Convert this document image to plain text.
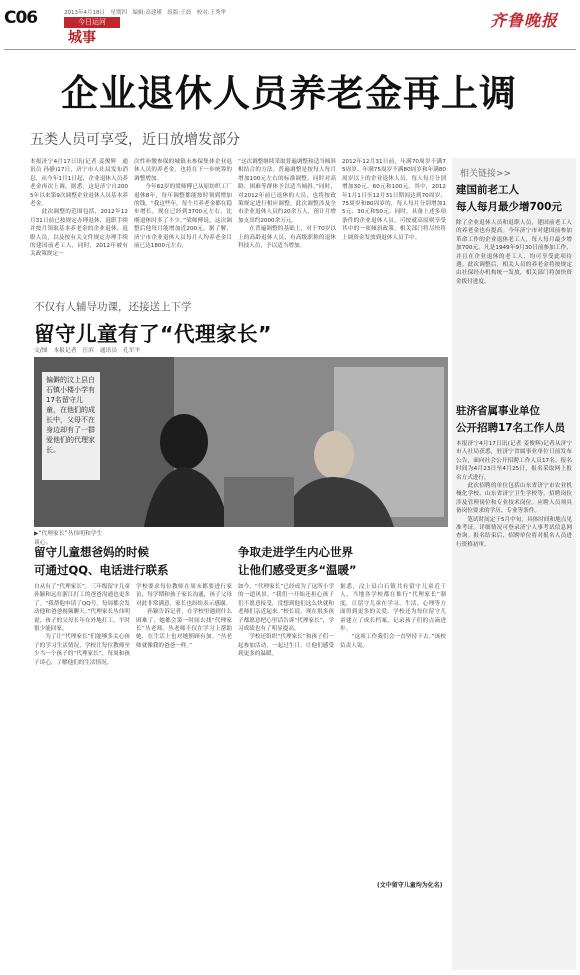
C06	2013年4月18日　星期四　编辑:高建瑾　组版:王晨　校对:王秀华
今日运河
城事
齐鲁晚报
企业退休人员养老金再上调
五类人员可享受，近日放增发部分
本报济宁4月17日讯(记者 姜俊辉　通讯员 孙静)17日，济宁市人社局发布消息，从今年1月1日起，企业退休人员养老金再次上调。据悉，这是济宁自2005年以来第9次调整企业退休人员基本养老金。
　　此次调整的范围包括，2012年12月31日前已按规定办理退休、退职手续并按月领取基本养老金的企业退休、退职人员，以及按有关文件规定办理手续的建国前老工人，同时，2012年被有关政策规定一
次性补缴参保的城镇未参保集体企业退休人员的养老金，也将在下一步统筹的调整增加。
　　今年62岁的梁师傅已从原纺织工厂退休8年，每年调整都能按时领到增加的钱。“我这些年，每个月养老金都在稳步增长，现在已经到3700元左右，比刚退休时多了不少。”梁师傅说，这次调整后他每月能增加近200元。据了解，济宁市企业退休人员每月人均养老金目前已达1800元左右，
“这次调整继续采取普遍调整和适当倾斜相结合的方法。普遍调整是按每人每月增加100元左右的标准调整，同时对高龄、困难等群体予以适当倾斜。”同时，对2012年前已退休的人员，也将按政策规定进行相应调整。此次调整涉及全市企业退休人员约20余万人，预计月增加支出约2000余万元。
　　在普遍调整的基础上，对于70岁以上的高龄退休人员、有高级职称的退休科技人员，予以适当增加。
2012年12月31日前，年满70周岁不满75周岁、年满75周岁不满80周岁和年满80周岁以上的企业退休人员，每人每月分别增加30元、60元和100元。其中，2012年1月1日至12月31日期间达到70周岁、75周岁和80周岁的，每人每月分别增加15元、30元和50元。同时，具备上述多项条件的企业退休人员，可按就高原则享受其中的一项倾斜政策。相关部门将尽快将上调资金发放到退休人员手中。
相关链接>>
建国前老工人
每人每月最少增700元
除了企业退休人员和退职人员，建国前老工人的养老金也有提高。今年济宁市对建国前参加革命工作的企业退休老工人，每人每月最少增加700元。凡是1949年9月30日前参加工作，并且在企业退休的老工人，均可享受此项待遇。此次调整后，相关人员的养老金将按规定由社保经办机构统一发放，相关部门将加快资金拨付进度。
驻济省属事业单位
公开招聘17名工作人员
本报济宁4月17日讯(记者 姜俊辉)记者从济宁市人社局获悉，驻济宁省属事业单位日前发布公告，面向社会公开招聘工作人员17名。报名时间为4月23日至4月25日，报名采取网上报名方式进行。
　　此次招聘的单位包括山东省济宁市农业机械化学校、山东省济宁卫生学校等，招聘岗位涉及管理岗位和专业技术岗位。应聘人员须具备岗位要求的学历、专业等条件。
　　笔试时间定于5月中旬，具体时间和地点见准考证。详细情况可登录济宁人事考试信息网查询。报名结束后，招聘单位将对报名人员进行资格初审。
不仅有人辅导功课，还接送上下学
留守儿童有了“代理家长”
文/图　本报记者　汪滨　通讯员　孔军平
偏僻的汶上县白石镇小楼小学有17名留守儿童，在他们的成长中，父母不在身边却有了一群爱他们的代理家长。
▶“代理家长”丛伟明和学生谈心。
留守儿童想爸妈的时候
可通过QQ、电话进行联系
争取走进学生内心世界
让他们感受更多“温暖”
自从有了“代理家长”，三年级留守儿童孙颖和远在浙江打工的爸爸沟通也更多了。“我帮他申请了QQ号，每周都会发动他和爸爸视频聊天。”代理家长丛伟明说，孩子的父母长年在外地打工，平时很少能回家。
　　为了让“代理家长”们能够多关心孩子的学习生活情况，学校让每位教师至少当一个孩子的“代理家长”，每周和孩子谈心，了解他们的生活情况。
学校要求每位教师在周末都要进行家访，每学期和孩子家长沟通，孩子父母对此非常满意，家长也纷纷表示感谢。
　　孙颖告诉记者，在学校里遇到什么困难了，她都会第一时间去找“代理家长”丛老师。丛老师不仅在学习上帮助她，在生活上也对她照顾有加。“丛老师就像我的爸爸一样。”
如今，“代理家长”已经成为了这所小学的一道风景。“我们一开始还担心孩子们不愿意接受，没想到他们这么快就和老师们亲近起来。”校长说，现在很多孩子都愿意把心里话告诉“代理家长”，学习成绩也有了明显提高。
　　学校还组织“代理家长”和孩子们一起参加活动，一起过生日，让他们感受到更多的温暖。
据悉，汶上县白石镇共有留守儿童近千人，当地各学校都在推行“代理家长”制度，让留守儿童在学习、生活、心理等方面得到更多的关爱。学校还为每位留守儿童建立了成长档案，记录孩子们的点滴进步。
　　“这项工作我们会一直坚持下去。”该校负责人说。
(文中留守儿童均为化名)
